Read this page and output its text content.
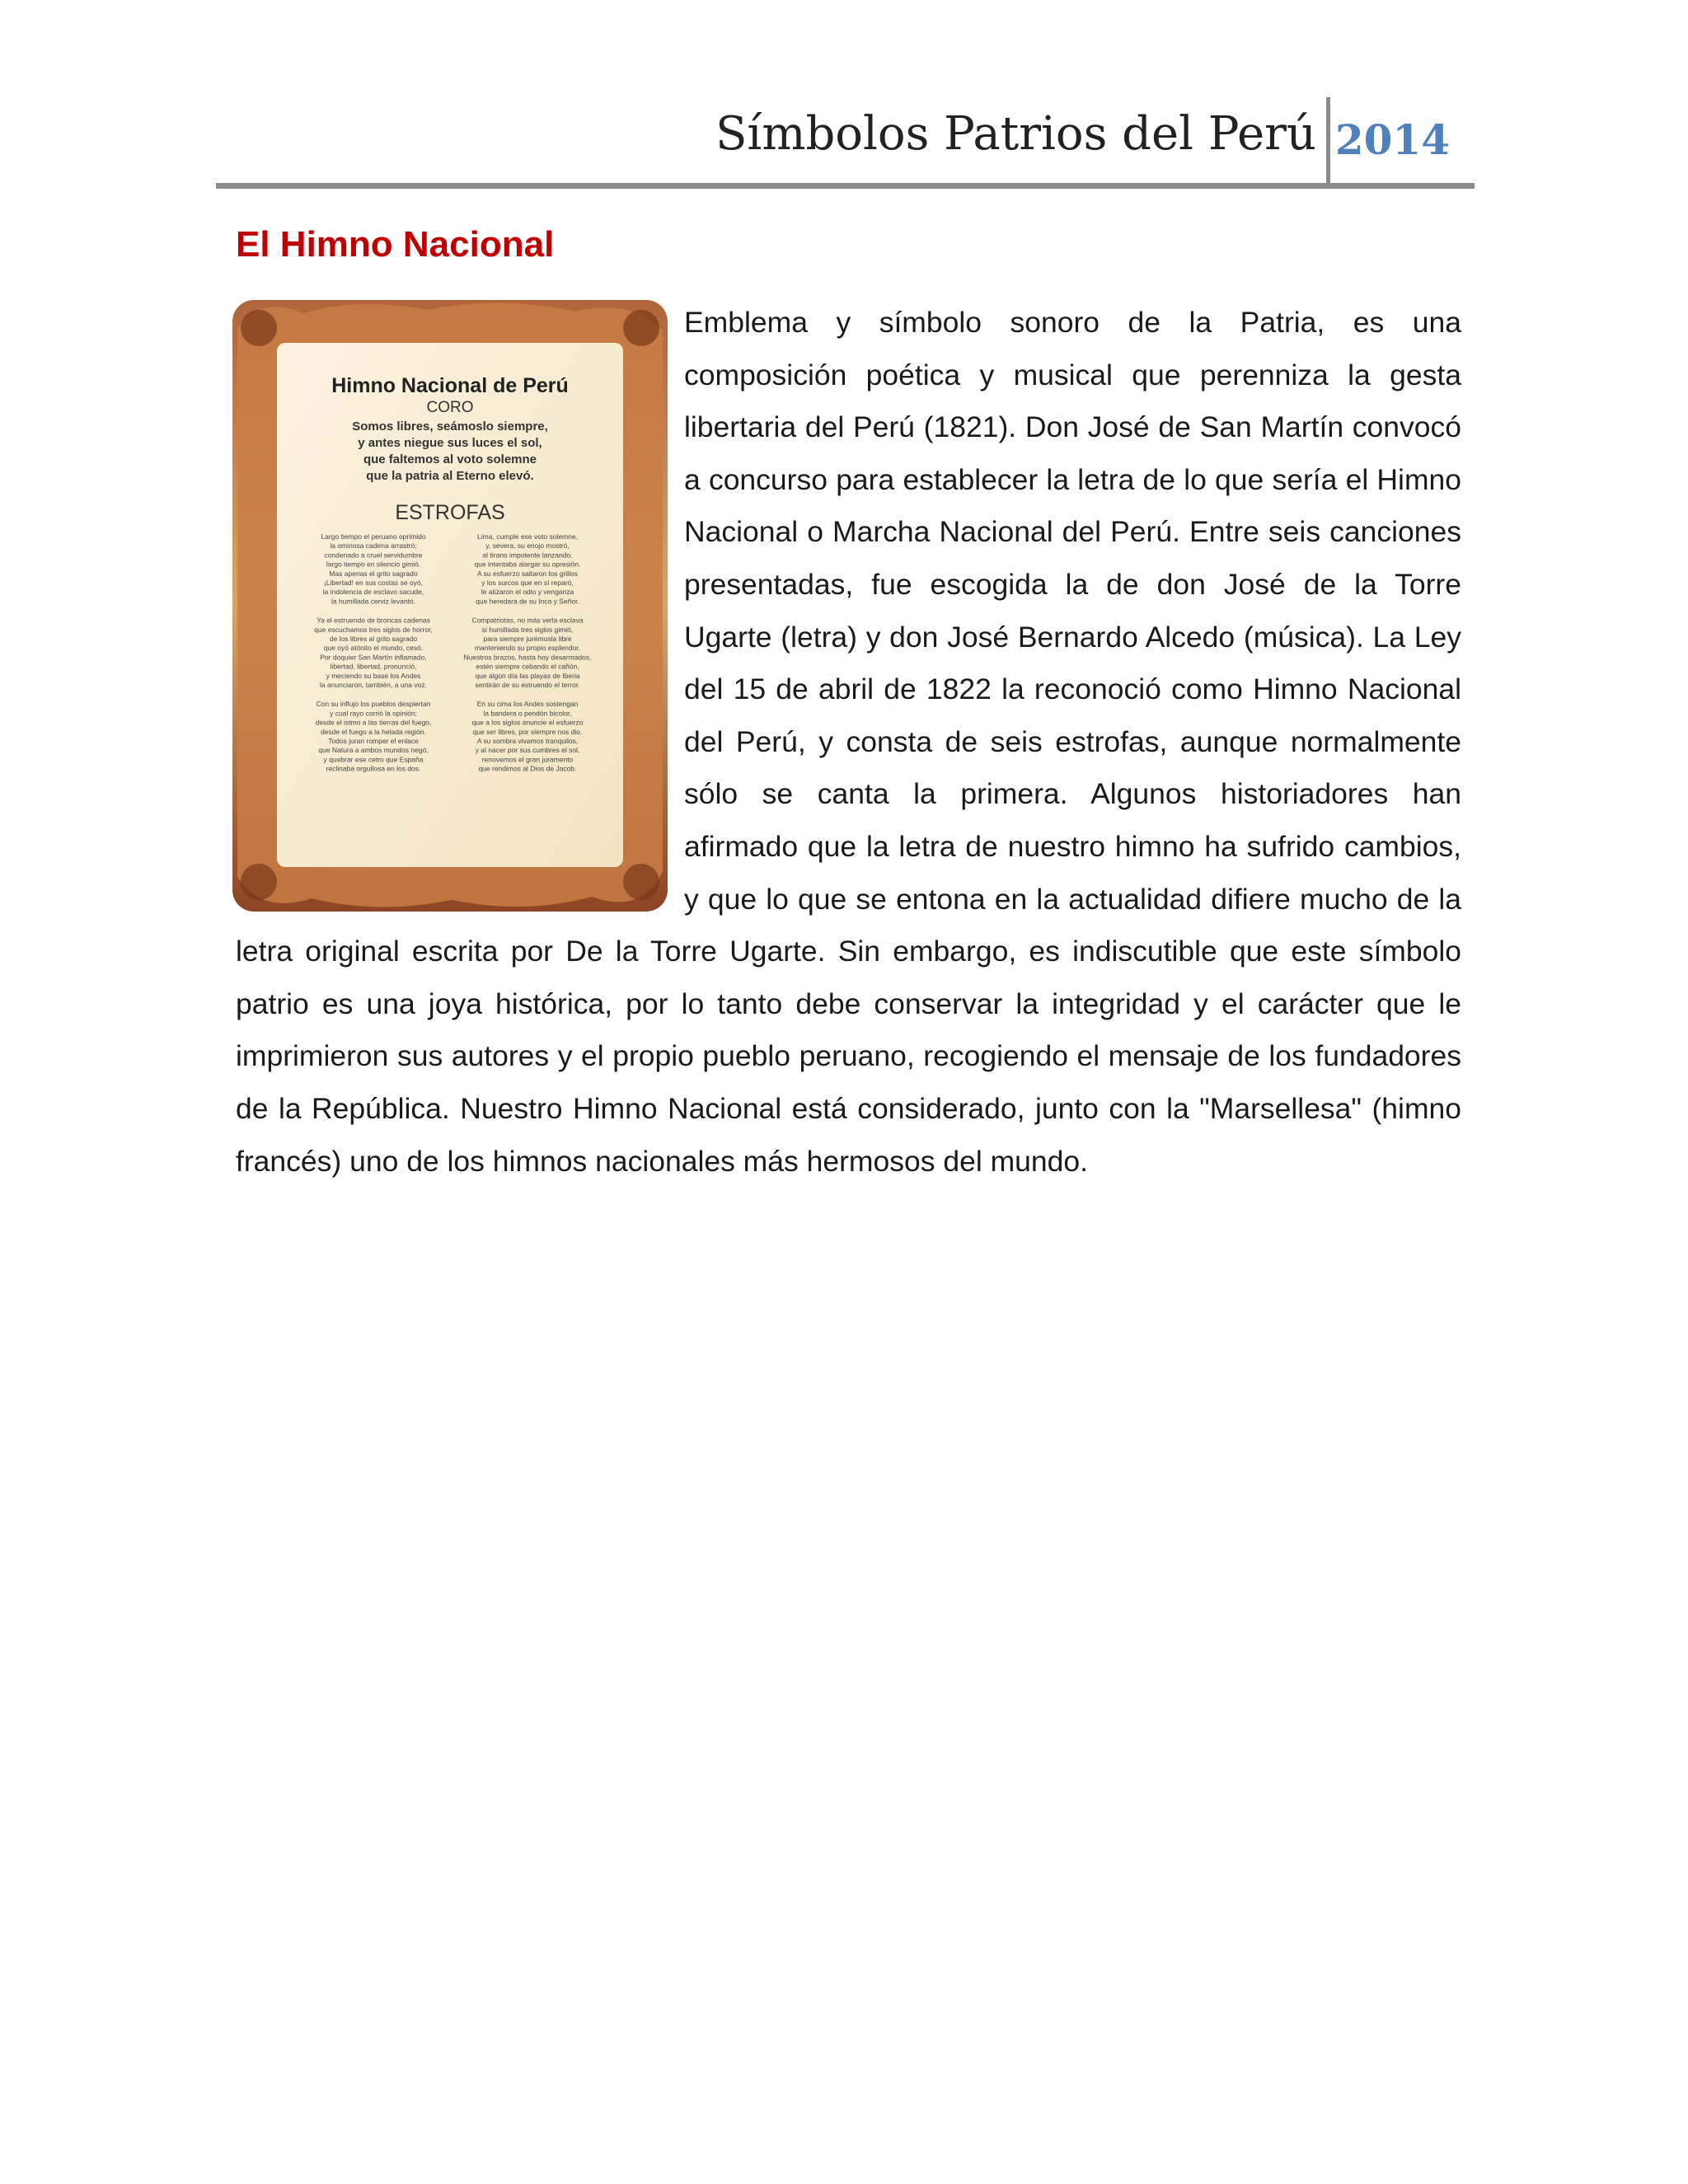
Símbolos Patrios del Perú 2014
El Himno Nacional
Himno Nacional de Perú
CORO
Somos libres, seámoslo siempre,
y antes niegue sus luces el sol,
que faltemos al voto solemne
que la patria al Eterno elevó.
ESTROFAS
Largo tiempo el peruano oprimido
la ominosa cadena arrastró;
condenado a cruel servidumbre
largo tiempo en silencio gimió.
Mas apenas el grito sagrado
¡Libertad! en sus costas se oyó,
la indolencia de esclavo sacude,
la humillada cerviz levantó.
Ya el estruendo de broncas cadenas
que escuchamos tres siglos de horror,
de los libres al grito sagrado
que oyó atónito el mundo, cesó.
Por doquier San Martín inflamado,
libertad, libertad, pronunció,
y meciendo su base los Andes
la anunciaron, también, a una voz.
Con su influjo los pueblos despiertan
y cual rayo corrió la opinión;
desde el istmo a las tierras del fuego,
desde el fuego a la helada región.
Todos juran romper el enlace
que Natura a ambos mundos negó,
y quebrar ese cetro que España
reclinaba orgullosa en los dos.
Lima, cumple ese voto solemne,
y, severa, su enojo mostró,
al tirano impotente lanzando,
que intentaba alargar su opresión.
A su esfuerzo saltaron los grillos
y los surcos que en sí reparó,
le atizaron el odio y venganza
que heredara de su Inca y Señor.
Compatriotas, no más verla esclava
si humillada tres siglos gimió,
para siempre jurémosla libre
manteniendo su propio esplendor.
Nuestros brazos, hasta hoy desarmados,
estén siempre cebando el cañón,
que algún día las playas de Iberia
sentirán de su estruendo el terror.
En su cima los Andes sostengan
la bandera o pendón bicolor,
que a los siglos anuncie el esfuerzo
que ser libres, por siempre nos dio.
A su sombra vivamos tranquilos,
y al nacer por sus cumbres el sol,
renovemos el gran juramento
que rendimos al Dios de Jacob.
Emblema y símbolo sonoro de la Patria, es una composición poética y musical que perenniza la gesta libertaria del Perú (1821). Don José de San Martín convocó a concurso para establecer la letra de lo que sería el Himno Nacional o Marcha Nacional del Perú. Entre seis canciones presentadas, fue escogida la de don José de la Torre Ugarte (letra) y don José Bernardo Alcedo (música). La Ley del 15 de abril de 1822 la reconoció como Himno Nacional del Perú, y consta de seis estrofas, aunque normalmente sólo se canta la primera. Algunos historiadores han afirmado que la letra de nuestro himno ha sufrido cambios, y que lo que se entona en la actualidad difiere mucho de la letra original escrita por De la Torre Ugarte. Sin embargo, es indiscutible que este símbolo patrio es una joya histórica, por lo tanto debe conservar la integridad y el carácter que le imprimieron sus autores y el propio pueblo peruano, recogiendo el mensaje de los fundadores de la República. Nuestro Himno Nacional está considerado, junto con la "Marsellesa" (himno francés) uno de los himnos nacionales más hermosos del mundo.
